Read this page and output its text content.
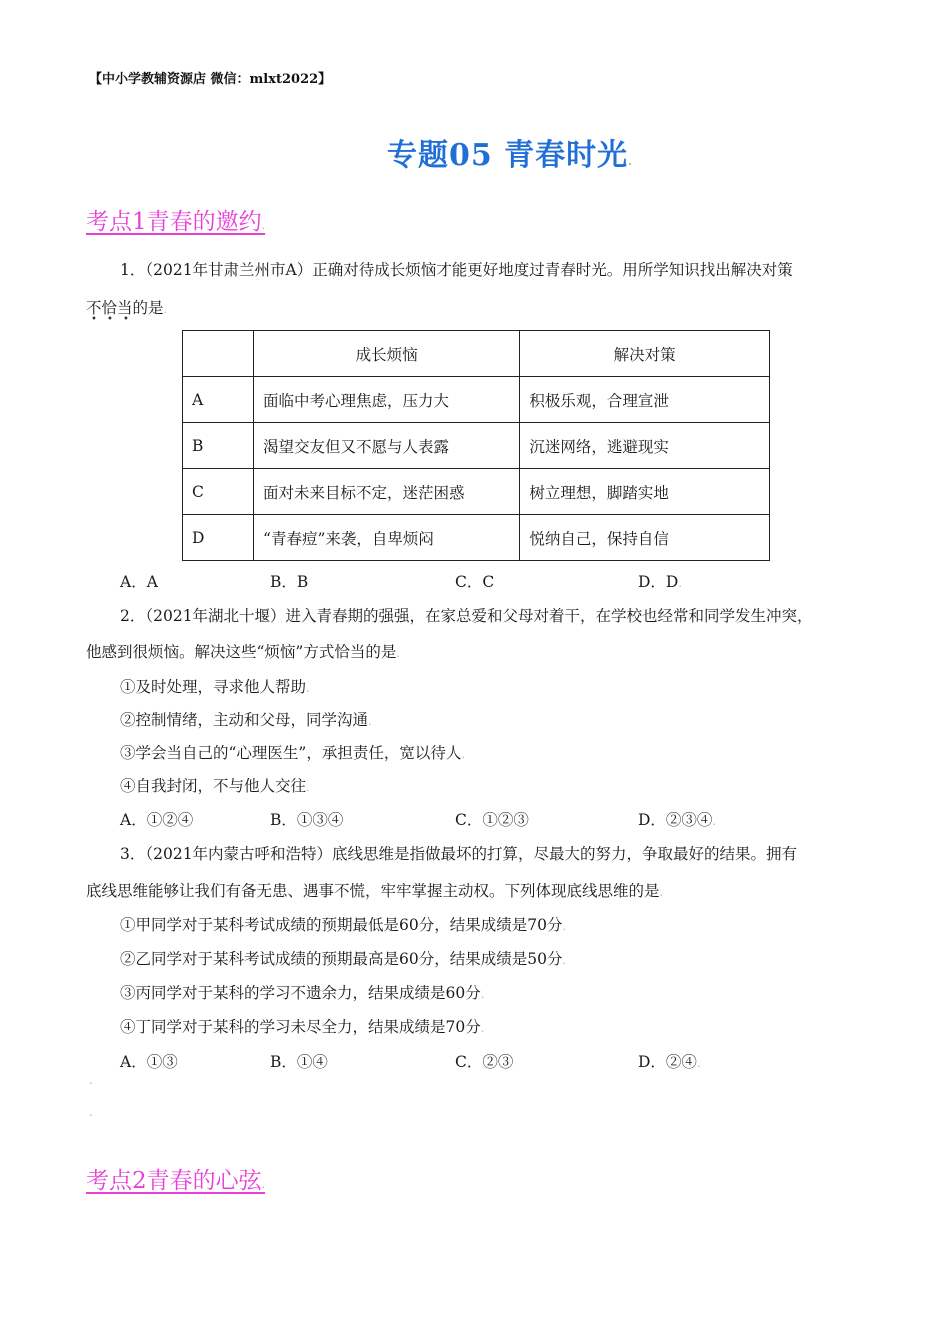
【中小学教辅资源店 微信：mlxt2022】
专题05 青春时光.
考点1青春的邀约.
1．（2021年甘肃兰州市A）正确对待成长烦恼才能更好地度过青春时光。用所学知识找出解决对策
不恰当的是.
• • •
	成长烦恼	解决对策
A	面临中考心理焦虑，压力大	积极乐观，合理宣泄
B	渴望交友但又不愿与人表露	沉迷网络，逃避现实
C	面对未来目标不定，迷茫困惑	树立理想，脚踏实地
D	“青春痘”来袭，自卑烦闷	悦纳自己，保持自信
A．A	B．B	C．C	D．D.
2．（2021年湖北十堰）进入青春期的强强，在家总爱和父母对着干，在学校也经常和同学发生冲突，
他感到很烦恼。解决这些“烦恼”方式恰当的是.
①及时处理，寻求他人帮助.
②控制情绪，主动和父母，同学沟通.
③学会当自己的“心理医生”，承担责任，宽以待人.
④自我封闭，不与他人交往.
A．①②④	B．①③④	C．①②③	D．②③④.
3．（2021年内蒙古呼和浩特）底线思维是指做最坏的打算，尽最大的努力，争取最好的结果。拥有
底线思维能够让我们有备无患、遇事不慌，牢牢掌握主动权。下列体现底线思维的是.
①甲同学对于某科考试成绩的预期最低是60分，结果成绩是70分.
②乙同学对于某科考试成绩的预期最高是60分，结果成绩是50分.
③丙同学对于某科的学习不遗余力，结果成绩是60分.
④丁同学对于某科的学习未尽全力，结果成绩是70分.
A．①③	B．①④	C．②③	D．②④.
.
.
考点2青春的心弦.
